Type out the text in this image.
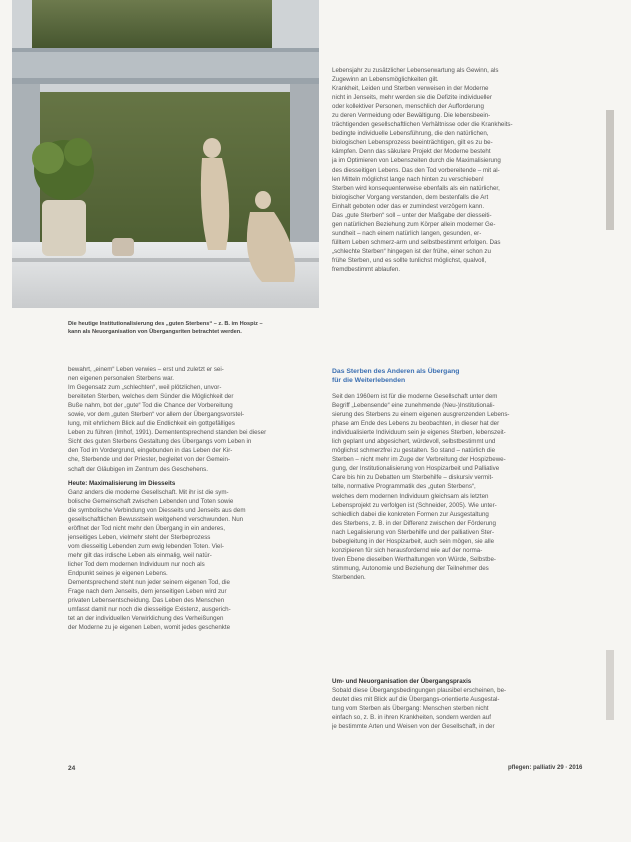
Die heutige Institutionalisierung des „guten Sterbens“ – z. B. im Hospiz –
kann als Neuorganisation von Übergangsriten betrachtet werden.
bewahrt, „einem“ Leben verwies – erst und zuletzt er sei-
nen eigenen personalen Sterbens war.
Im Gegensatz zum „schlechten“, weil plötzlichen, unvor-
bereiteten Sterben, welches dem Sünder die Möglichkeit der
Buße nahm, bot der „gute“ Tod die Chance der Vorbereitung
sowie, vor dem „guten Sterben“ vor allem der Übergangsvorstel-
lung, mit ehrlichem Blick auf die Endlichkeit ein gottgefälliges
Leben zu führen (Imhof, 1991). Demententsprechend standen bei dieser
Sicht des guten Sterbens Gestaltung des Übergangs vom Leben in
den Tod im Vordergrund, eingebunden in das Leben der Kir-
che, Sterbende und der Priester, begleitet von der Gemein-
schaft der Gläubigen im Zentrum des Geschehens.
Heute: Maximalisierung im Diesseits
Ganz anders die moderne Gesellschaft. Mit ihr ist die sym-
bolische Gemeinschaft zwischen Lebenden und Toten sowie
die symbolische Verbindung von Diesseits und Jenseits aus dem
gesellschaftlichen Bewusstsein weitgehend verschwunden. Nun
eröffnet der Tod nicht mehr den Übergang in ein anderes,
jenseitiges Leben, vielmehr steht der Sterbeprozess
vom diesseitig Lebenden zum ewig lebenden Toten. Viel-
mehr gilt das irdische Leben als einmalig, weil natür-
licher Tod dem modernen Individuum nur noch als
Endpunkt seines je eigenen Lebens.
Dementsprechend steht nun jeder seinem eigenen Tod, die
Frage nach dem Jenseits, dem jenseitigen Leben wird zur
privaten Lebensentscheidung. Das Leben des Menschen
umfasst damit nur noch die diesseitige Existenz, ausgerich-
tet an der individuellen Verwirklichung des Verheißungen
der Moderne zu je eigenen Leben, womit jedes geschenkte
Lebensjahr zu zusätzlicher Lebenserwartung als Gewinn, als
Zugewinn an Lebensmöglichkeiten gilt.
Krankheit, Leiden und Sterben verweisen in der Moderne
nicht in Jenseits, mehr werden sie die Defizite individueller
oder kollektiver Personen, menschlich der Aufforderung
zu deren Vermeidung oder Bewältigung. Die lebensbeein-
trächtigenden gesellschaftlichen Verhältnisse oder die Krankheits-
bedingte individuelle Lebensführung, die den natürlichen,
biologischen Lebensprozess beeinträchtigen, gilt es zu be-
kämpfen. Denn das säkulare Projekt der Moderne besteht
ja im Optimieren von Lebenszeiten durch die Maximalisierung
des diesseitigen Lebens. Das den Tod vorbereitende – mit al-
len Mitteln möglichst lange nach hinten zu verschieben!
Sterben wird konsequenterweise ebenfalls als ein natürlicher,
biologischer Vorgang verstanden, dem bestenfalls die Art
Einhalt geboten oder das er zumindest verzögern kann.
Das „gute Sterben“ soll – unter der Maßgabe der diesseiti-
gen natürlichen Beziehung zum Körper allein moderner Ge-
sundheit – nach einem natürlich langen, gesunden, er-
fülltem Leben schmerz-arm und selbstbestimmt erfolgen. Das
„schlechte Sterben“ hingegen ist der frühe, einer schon zu
frühe Sterben, und es sollte tunlichst möglichst, qualvoll,
fremdbestimmt ablaufen.
Das Sterben des Anderen als Übergang
für die Weiterlebenden
Seit den 1960ern ist für die moderne Gesellschaft unter dem
Begriff „Lebensende“ eine zunehmende (Neu-)Institutionali-
sierung des Sterbens zu einem eigenen ausgrenzenden Lebens-
phase am Ende des Lebens zu beobachten, in dieser hat der
individualisierte Individuum sein je eigenes Sterben, lebenszeit-
lich geplant und abgesichert, würdevoll, selbstbestimmt und
möglichst schmerzfrei zu gestalten. So stand – natürlich die
Sterben – nicht mehr im Zuge der Verbreitung der Hospizbewe-
gung, der Institutionalisierung von Hospizarbeit und Palliative
Care bis hin zu Debatten um Sterbehilfe – diskursiv vermit-
telte, normative Programmatik des „guten Sterbens“,
welches dem modernen Individuum gleichsam als letzten
Lebensprojekt zu verfolgen ist (Schneider, 2005). Wie unter-
schiedlich dabei die konkreten Formen zur Ausgestaltung
des Sterbens, z. B. in der Differenz zwischen der Förderung
nach Legalisierung von Sterbehilfe und der palliativen Ster-
bebegleitung in der Hospizarbeit, auch sein mögen, sie alle
konzipieren für sich herausfordernd wie auf der norma-
tiven Ebene dieselben Werthaltungen von Würde, Selbstbe-
stimmung, Autonomie und Beziehung der Teilnehmer des
Sterbenden.
Um- und Neuorganisation der Übergangspraxis
Sobald diese Übergangsbedingungen plausibel erscheinen, be-
deutet dies mit Blick auf die Übergangs-orientierte Ausgestal-
tung vom Sterben als Übergang: Menschen sterben nicht
einfach so, z. B. in ihren Krankheiten, sondern werden auf
je bestimmte Arten und Weisen von der Gesellschaft, in der
24	pflegen: palliativ 29 · 2016
